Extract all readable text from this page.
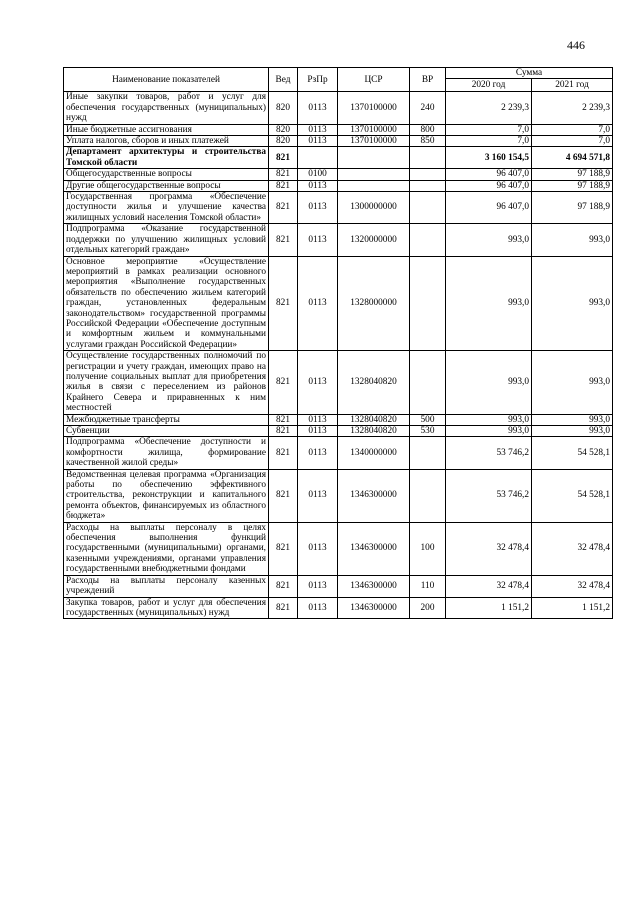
446
Наименование показателей	Вед	РзПр	ЦСР	ВР	Сумма	
					2020 год	2021 год
Иные закупки товаров, работ и услуг для обеспечения государственных (муниципальных) нужд	820	0113	1370100000	240	2 239,3	2 239,3
Иные бюджетные ассигнования	820	0113	1370100000	800	7,0	7,0
Уплата налогов, сборов и иных платежей	820	0113	1370100000	850	7,0	7,0
Департамент архитектуры и строительства Томской области	821				3 160 154,5	4 694 571,8
Общегосударственные вопросы	821	0100			96 407,0	97 188,9
Другие общегосударственные вопросы	821	0113			96 407,0	97 188,9
Государственная программа «Обеспечение доступности жилья и улучшение качества жилищных условий населения Томской области»	821	0113	1300000000		96 407,0	97 188,9
Подпрограмма «Оказание государственной поддержки по улучшению жилищных условий отдельных категорий граждан»	821	0113	1320000000		993,0	993,0
Основное мероприятие «Осуществление мероприятий в рамках реализации основного мероприятия «Выполнение государственных обязательств по обеспечению жильем категорий граждан, установленных федеральным законодательством» государственной программы Российской Федерации «Обеспечение доступным и комфортным жильем и коммунальными услугами граждан Российской Федерации»	821	0113	1328000000		993,0	993,0
Осуществление государственных полномочий по регистрации и учету граждан, имеющих право на получение социальных выплат для приобретения жилья в связи с переселением из районов Крайнего Севера и приравненных к ним местностей	821	0113	1328040820		993,0	993,0
Межбюджетные трансферты	821	0113	1328040820	500	993,0	993,0
Субвенции	821	0113	1328040820	530	993,0	993,0
Подпрограмма «Обеспечение доступности и комфортности жилища, формирование качественной жилой среды»	821	0113	1340000000		53 746,2	54 528,1
Ведомственная целевая программа «Организация работы по обеспечению эффективного строительства, реконструкции и капитального ремонта объектов, финансируемых из областного бюджета»	821	0113	1346300000		53 746,2	54 528,1
Расходы на выплаты персоналу в целях обеспечения выполнения функций государственными (муниципальными) органами, казенными учреждениями, органами управления государственными внебюджетными фондами	821	0113	1346300000	100	32 478,4	32 478,4
Расходы на выплаты персоналу казенных учреждений	821	0113	1346300000	110	32 478,4	32 478,4
Закупка товаров, работ и услуг для обеспечения государственных (муниципальных) нужд	821	0113	1346300000	200	1 151,2	1 151,2
